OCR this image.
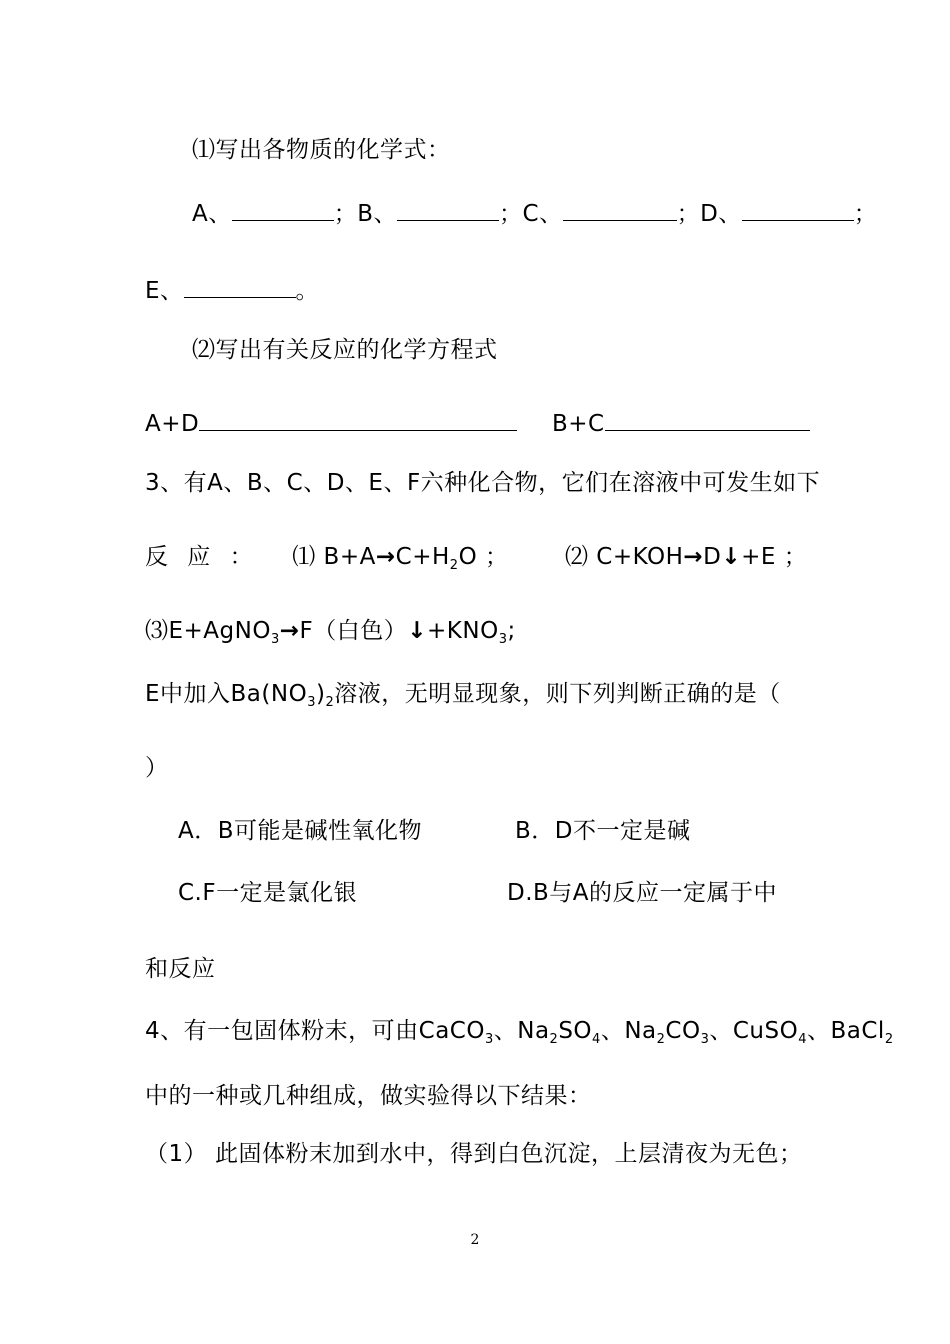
⑴写出各物质的化学式：
A、	；B、	；C、	；D、	；
E、	。
⑵写出有关反应的化学方程式
A+D	B+C
3、有A、B、C、D、E、F六种化合物，它们在溶液中可发生如下
反 应 ： ⑴ $B+A\to C+H_2O$ ； ⑵ C+KOH→D↓+E ；
⑶E+AgNO$_3$→F（白色）$↓+KNO_3$;
E中加入$Ba(NO_3)_2$溶液，无明显现象，则下列判断正确的是（
）
A．B可能是碱性氧化物	B．D不一定是碱
C.F一定是氯化银	D.B与A的反应一定属于中
和反应
4、有一包固体粉末，可由CaCO$_3$、$Na_2SO_4$、$Na_2CO_3$、CuSO$_4$、BaCl$_2$
中的一种或几种组成，做实验得以下结果：
（1） 此固体粉末加到水中，得到白色沉淀，上层清夜为无色；
2
